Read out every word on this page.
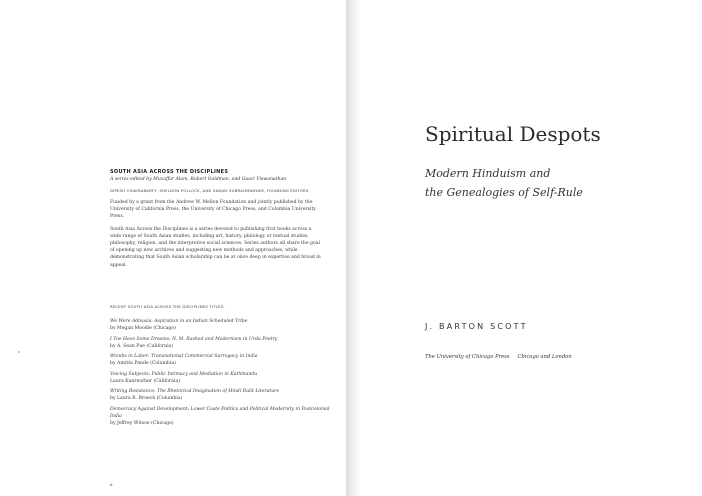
SOUTH ASIA ACROSS THE DISCIPLINES

A series edited by Muzaffar Alam, Robert Goldman, and Gauri Viswanathan

DIPESH CHAKRABARTY, SHELDON POLLOCK, AND SANJAY SUBRAHMANYAM, FOUNDING EDITORS

Funded by a grant from the Andrew W. Mellon Foundation and jointly published by the University of California Press, the University of Chicago Press, and Columbia University Press.

South Asia Across the Disciplines is a series devoted to publishing first books across a wide range of South Asian studies, including art, history, philology or textual studies, philosophy, religion, and the interpretive social sciences. Series authors all share the goal of opening up new archives and suggesting new methods and approaches, while demonstrating that South Asian scholarship can be at once deep in expertise and broad in appeal.

RECENT SOUTH ASIA ACROSS THE DISCIPLINES TITLES:
We Were Adivasis: Aspiration in an Indian Scheduled Tribe
by Megan Moodie (Chicago)
I Too Have Some Dreams: N. M. Rashed and Modernism in Urdu Poetry
by A. Sean Pue (California)
Wombs in Labor: Transnational Commercial Surrogacy in India
by Amrita Pande (Columbia)
Voicing Subjects: Public Intimacy and Mediation in Kathmandu
Laura Kunreuther (California)
Writing Resistance: The Rhetorical Imagination of Hindi Dalit Literature
by Laura R. Brueck (Columbia)
Democracy Against Development: Lower Caste Politics and Political Modernity in Postcolonial India
by Jeffrey Witsoe (Chicago)
ii
Spiritual Despots
Modern Hinduism and
the Genealogies of Self-Rule
J. BARTON SCOTT
The University of Chicago Press Chicago and London
